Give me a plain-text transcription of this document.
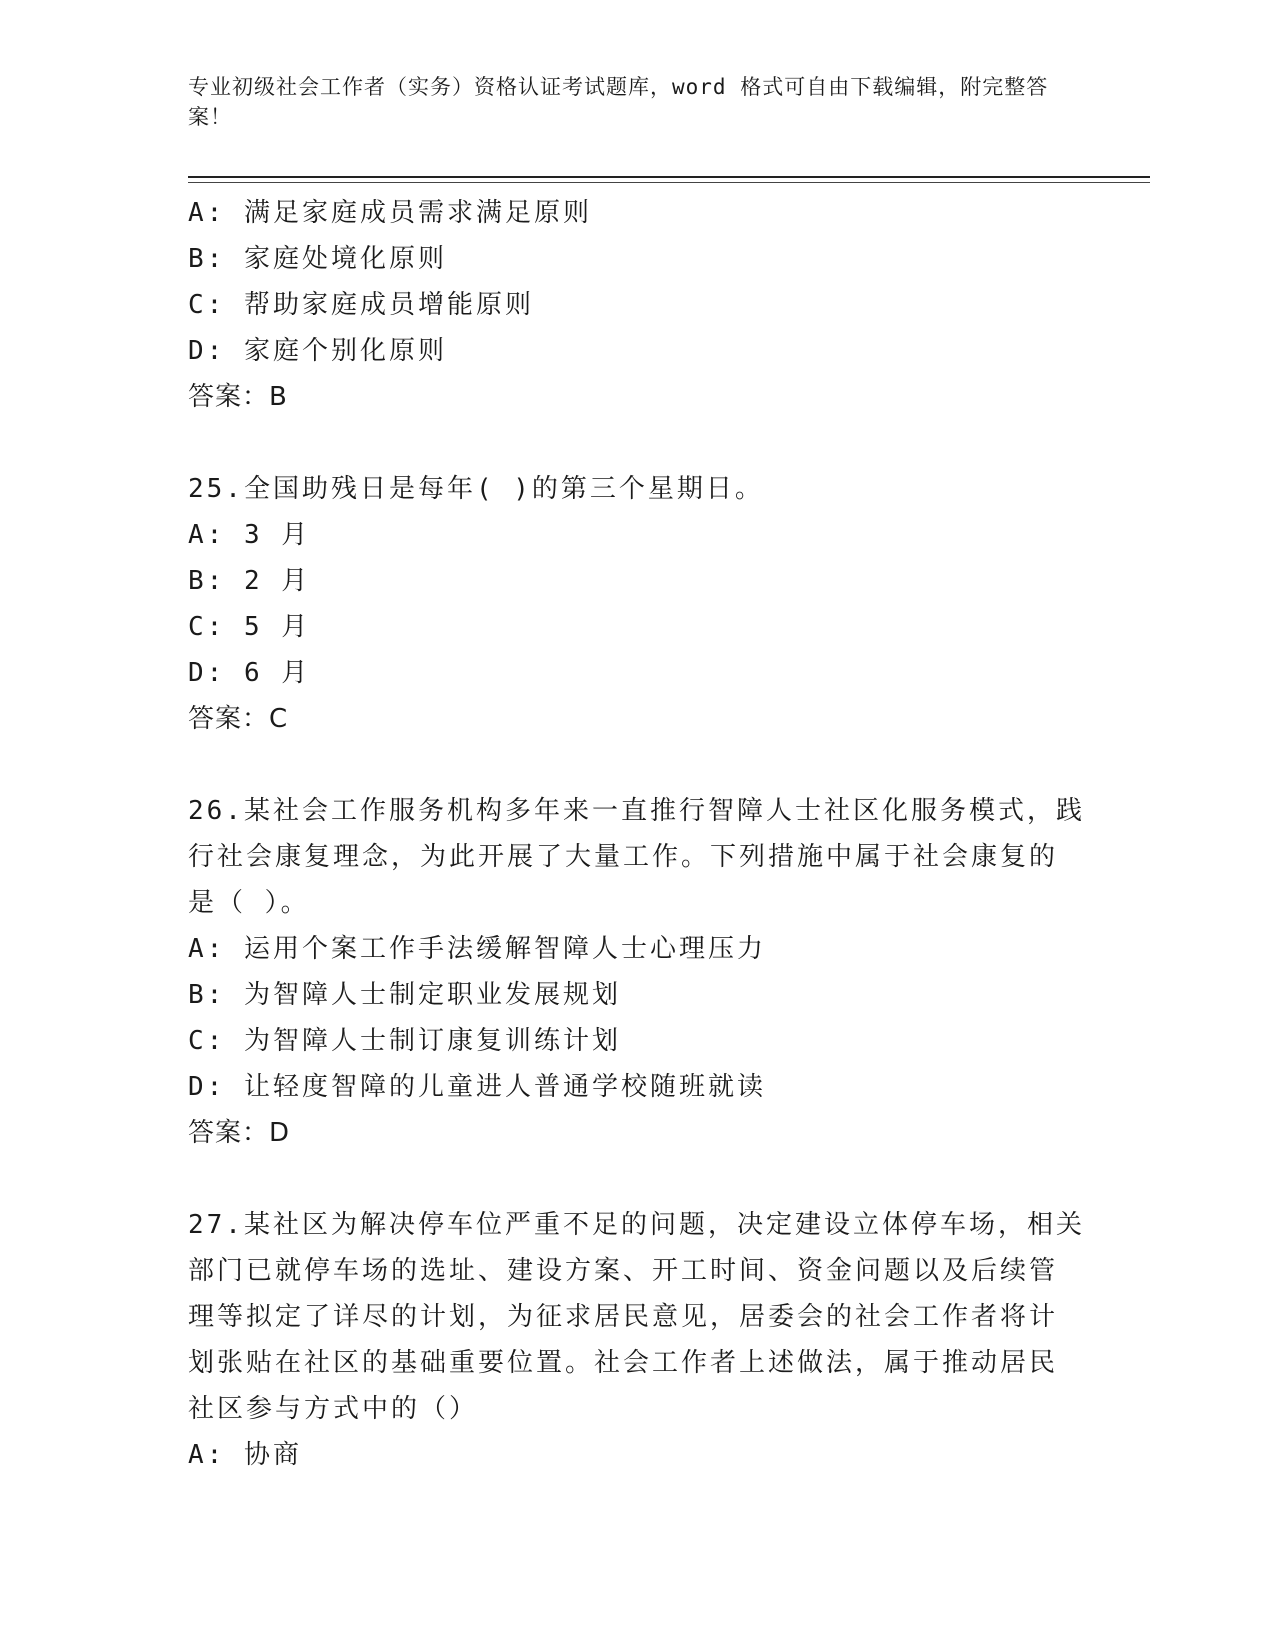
专业初级社会工作者（实务）资格认证考试题库，word 格式可自由下载编辑，附完整答案！
A: 满足家庭成员需求满足原则
B: 家庭处境化原则
C: 帮助家庭成员增能原则
D: 家庭个别化原则
答案：B
25.全国助残日是每年( )的第三个星期日。
A: 3 月
B: 2 月
C: 5 月
D: 6 月
答案：C
26.某社会工作服务机构多年来一直推行智障人士社区化服务模式，践
行社会康复理念，为此开展了大量工作。下列措施中属于社会康复的
是（ ）。
A: 运用个案工作手法缓解智障人士心理压力
B: 为智障人士制定职业发展规划
C: 为智障人士制订康复训练计划
D: 让轻度智障的儿童进人普通学校随班就读
答案：D
27.某社区为解决停车位严重不足的问题，决定建设立体停车场，相关
部门已就停车场的选址、建设方案、开工时间、资金问题以及后续管
理等拟定了详尽的计划，为征求居民意见，居委会的社会工作者将计
划张贴在社区的基础重要位置。社会工作者上述做法，属于推动居民
社区参与方式中的（）
A: 协商
